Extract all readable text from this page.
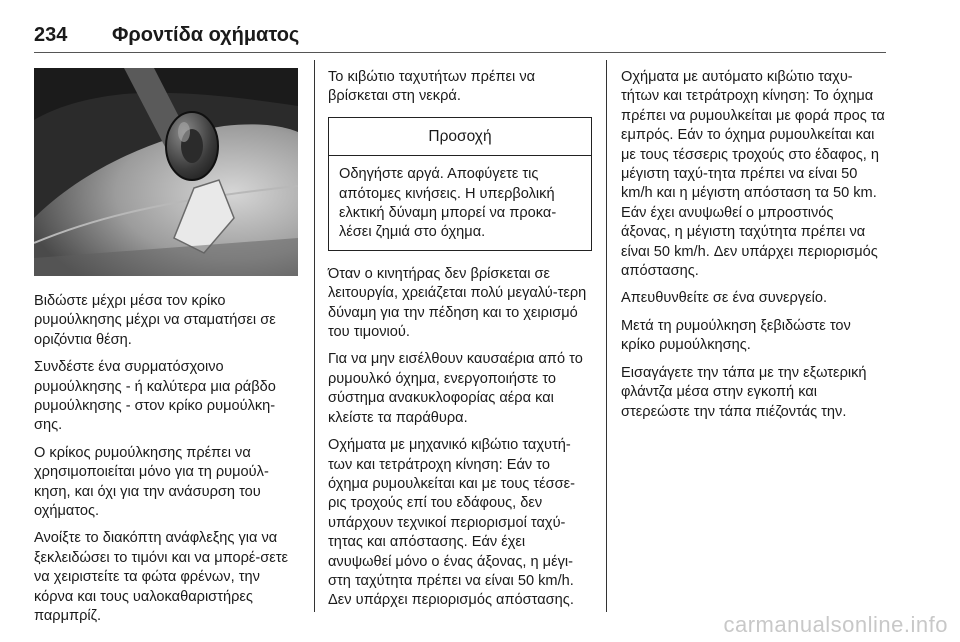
234 Φροντίδα οχήματος

Βιδώστε μέχρι μέσα τον κρίκο ρυμούλκησης μέχρι να σταματήσει σε οριζόντια θέση.

Συνδέστε ένα συρματόσχοινο ρυμούλκησης - ή καλύτερα μια ράβδο ρυμούλκησης - στον κρίκο ρυμούλκη-σης.

Ο κρίκος ρυμούλκησης πρέπει να χρησιμοποιείται μόνο για τη ρυμούλ-κηση, και όχι για την ανάσυρση του οχήματος.

Ανοίξτε το διακόπτη ανάφλεξης για να ξεκλειδώσει το τιμόνι και να μπορέ-σετε να χειριστείτε τα φώτα φρένων, την κόρνα και τους υαλοκαθαριστήρες παρμπρίζ.

Το κιβώτιο ταχυτήτων πρέπει να βρίσκεται στη νεκρά.

Προσοχή
Οδηγήστε αργά. Αποφύγετε τις απότομες κινήσεις. Η υπερβολική ελκτική δύναμη μπορεί να προκα-λέσει ζημιά στο όχημα.

Όταν ο κινητήρας δεν βρίσκεται σε λειτουργία, χρειάζεται πολύ μεγαλύ-τερη δύναμη για την πέδηση και το χειρισμό του τιμονιού.

Για να μην εισέλθουν καυσαέρια από το ρυμουλκό όχημα, ενεργοποιήστε το σύστημα ανακυκλοφορίας αέρα και κλείστε τα παράθυρα.

Οχήματα με μηχανικό κιβώτιο ταχυτή-των και τετράτροχη κίνηση: Εάν το όχημα ρυμουλκείται και με τους τέσσε-ρις τροχούς επί του εδάφους, δεν υπάρχουν τεχνικοί περιορισμοί ταχύ-τητας και απόστασης. Εάν έχει ανυψωθεί μόνο ο ένας άξονας, η μέγι-στη ταχύτητα πρέπει να είναι 50 km/h. Δεν υπάρχει περιορισμός απόστασης.

Οχήματα με αυτόματο κιβώτιο ταχυ-τήτων και τετράτροχη κίνηση: Το όχημα πρέπει να ρυμουλκείται με φορά προς τα εμπρός. Εάν το όχημα ρυμουλκείται και με τους τέσσερις τροχούς στο έδαφος, η μέγιστη ταχύ-τητα πρέπει να είναι 50 km/h και η μέγιστη απόσταση τα 50 km. Εάν έχει ανυψωθεί ο μπροστινός άξονας, η μέγιστη ταχύτητα πρέπει να είναι 50 km/h. Δεν υπάρχει περιορισμός απόστασης.

Απευθυνθείτε σε ένα συνεργείο.

Μετά τη ρυμούλκηση ξεβιδώστε τον κρίκο ρυμούλκησης.

Εισαγάγετε την τάπα με την εξωτερική φλάντζα μέσα στην εγκοπή και στερεώστε την τάπα πιέζοντάς την.

carmanualsonline.info
